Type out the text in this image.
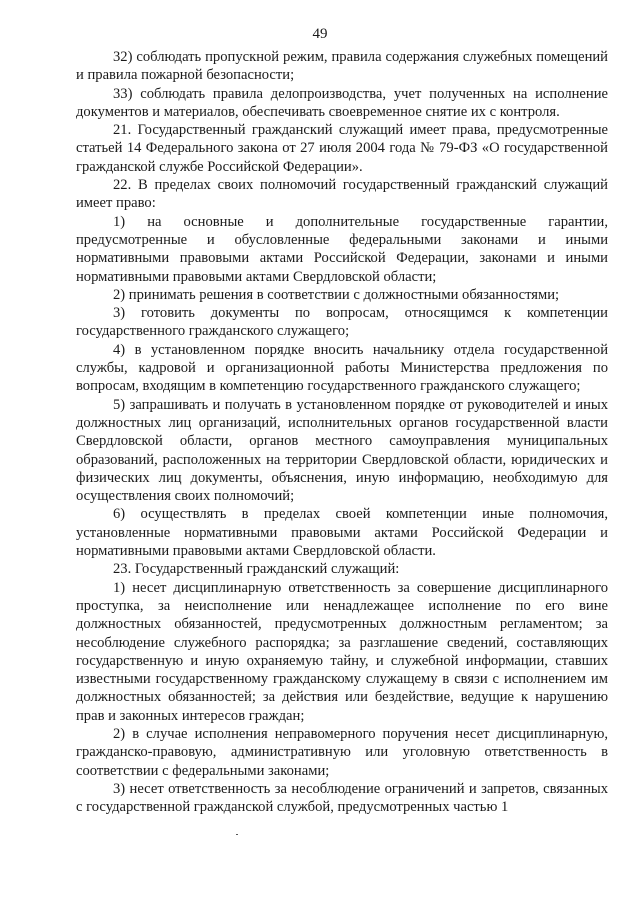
49

32) соблюдать пропускной режим, правила содержания служебных помещений и правила пожарной безопасности;

33) соблюдать правила делопроизводства, учет полученных на исполнение документов и материалов, обеспечивать своевременное снятие их с контроля.

21. Государственный гражданский служащий имеет права, предусмотренные статьей 14 Федерального закона от 27 июля 2004 года № 79-ФЗ «О государственной гражданской службе Российской Федерации».

22. В пределах своих полномочий государственный гражданский служащий имеет право:

1) на основные и дополнительные государственные гарантии, предусмотренные и обусловленные федеральными законами и иными нормативными правовыми актами Российской Федерации, законами и иными нормативными правовыми актами Свердловской области;

2) принимать решения в соответствии с должностными обязанностями;

3) готовить документы по вопросам, относящимся к компетенции государственного гражданского служащего;

4) в установленном порядке вносить начальнику отдела государственной службы, кадровой и организационной работы Министерства предложения по вопросам, входящим в компетенцию государственного гражданского служащего;

5) запрашивать и получать в установленном порядке от руководителей и иных должностных лиц организаций, исполнительных органов государственной власти Свердловской области, органов местного самоуправления муниципальных образований, расположенных на территории Свердловской области, юридических и физических лиц документы, объяснения, иную информацию, необходимую для осуществления своих полномочий;

6) осуществлять в пределах своей компетенции иные полномочия, установленные нормативными правовыми актами Российской Федерации и нормативными правовыми актами Свердловской области.

23. Государственный гражданский служащий:

1) несет дисциплинарную ответственность за совершение дисциплинарного проступка, за неисполнение или ненадлежащее исполнение по его вине должностных обязанностей, предусмотренных должностным регламентом; за несоблюдение служебного распорядка; за разглашение сведений, составляющих государственную и иную охраняемую тайну, и служебной информации, ставших известными государственному гражданскому служащему в связи с исполнением им должностных обязанностей; за действия или бездействие, ведущие к нарушению прав и законных интересов граждан;

2) в случае исполнения неправомерного поручения несет дисциплинарную, гражданско-правовую, административную или уголовную ответственность в соответствии с федеральными законами;

3) несет ответственность за несоблюдение ограничений и запретов, связанных с государственной гражданской службой, предусмотренных частью 1
